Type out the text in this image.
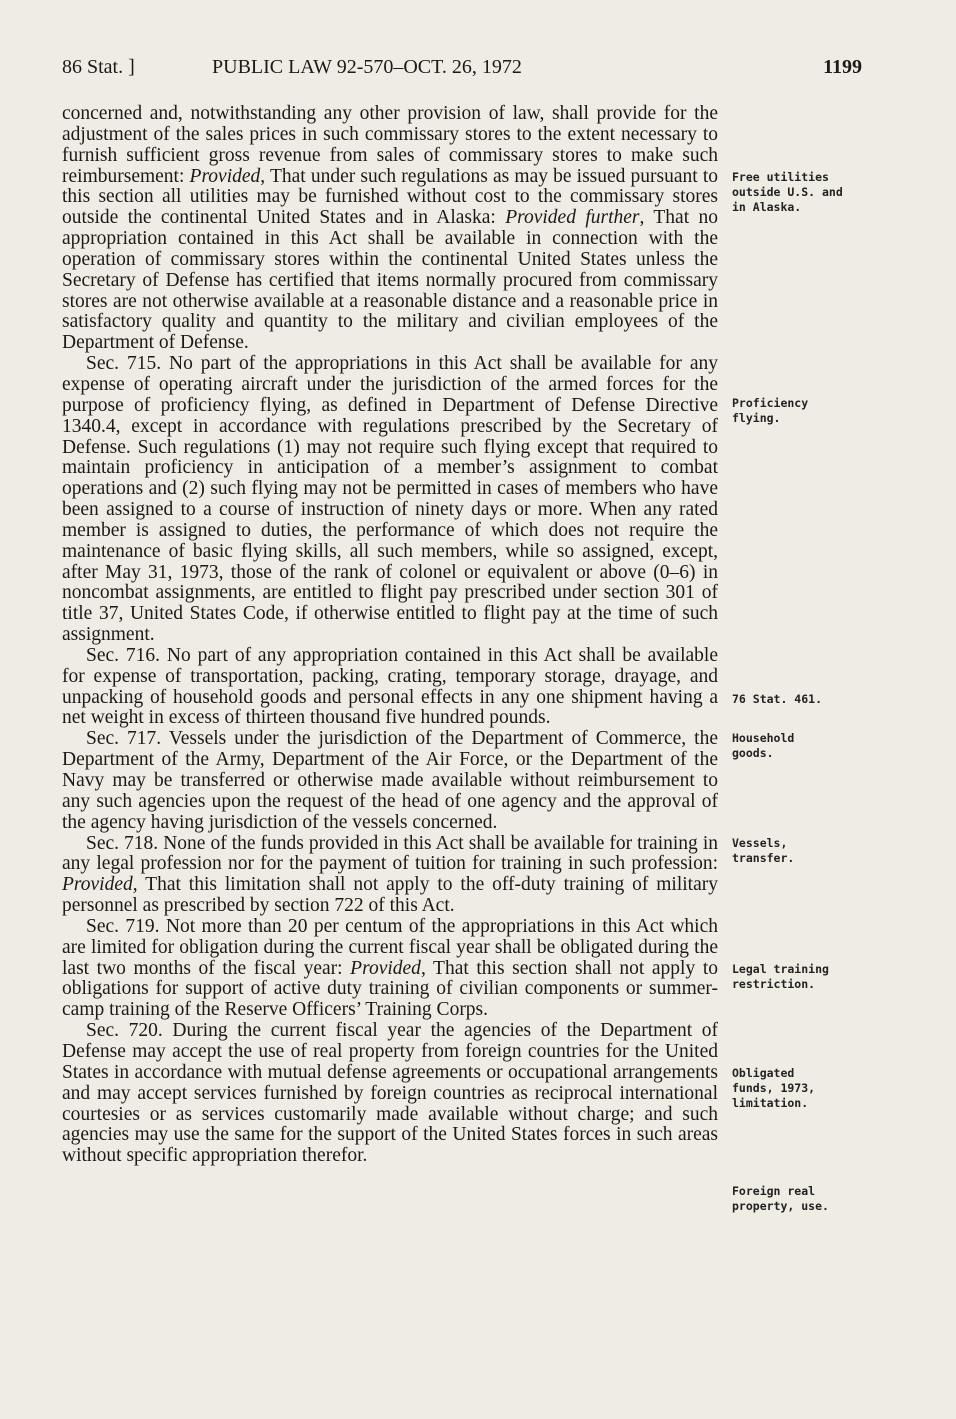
86 Stat. ]	PUBLIC LAW 92-570–OCT. 26, 1972	1199

concerned and, notwithstanding any other provision of law, shall provide for the adjustment of the sales prices in such commissary stores to the extent necessary to furnish sufficient gross revenue from sales of commissary stores to make such reimbursement: Provided, That under such regulations as may be issued pursuant to this section all utilities may be furnished without cost to the commissary stores outside the continental United States and in Alaska: Provided further, That no appropriation contained in this Act shall be available in connection with the operation of commissary stores within the continental United States unless the Secretary of Defense has certified that items normally procured from commissary stores are not otherwise available at a reasonable distance and a reasonable price in satisfactory quality and quantity to the military and civilian employees of the Department of Defense.

Sec. 715. No part of the appropriations in this Act shall be available for any expense of operating aircraft under the jurisdiction of the armed forces for the purpose of proficiency flying, as defined in Department of Defense Directive 1340.4, except in accordance with regulations prescribed by the Secretary of Defense. Such regulations (1) may not require such flying except that required to maintain proficiency in anticipation of a member’s assignment to combat operations and (2) such flying may not be permitted in cases of members who have been assigned to a course of instruction of ninety days or more. When any rated member is assigned to duties, the performance of which does not require the maintenance of basic flying skills, all such members, while so assigned, except, after May 31, 1973, those of the rank of colonel or equivalent or above (0–6) in noncombat assignments, are entitled to flight pay prescribed under section 301 of title 37, United States Code, if otherwise entitled to flight pay at the time of such assignment.

Sec. 716. No part of any appropriation contained in this Act shall be available for expense of transportation, packing, crating, temporary storage, drayage, and unpacking of household goods and personal effects in any one shipment having a net weight in excess of thirteen thousand five hundred pounds.

Sec. 717. Vessels under the jurisdiction of the Department of Commerce, the Department of the Army, Department of the Air Force, or the Department of the Navy may be transferred or otherwise made available without reimbursement to any such agencies upon the request of the head of one agency and the approval of the agency having jurisdiction of the vessels concerned.

Sec. 718. None of the funds provided in this Act shall be available for training in any legal profession nor for the payment of tuition for training in such profession: Provided, That this limitation shall not apply to the off-duty training of military personnel as prescribed by section 722 of this Act.

Sec. 719. Not more than 20 per centum of the appropriations in this Act which are limited for obligation during the current fiscal year shall be obligated during the last two months of the fiscal year: Provided, That this section shall not apply to obligations for support of active duty training of civilian components or summer-camp training of the Reserve Officers’ Training Corps.

Sec. 720. During the current fiscal year the agencies of the Department of Defense may accept the use of real property from foreign countries for the United States in accordance with mutual defense agreements or occupational arrangements and may accept services furnished by foreign countries as reciprocal international courtesies or as services customarily made available without charge; and such agencies may use the same for the support of the United States forces in such areas without specific appropriation therefor.

Free utilities
outside U.S. and
in Alaska.
Proficiency
flying.
76 Stat. 461.
Household
goods.
Vessels,
transfer.
Legal training
restriction.
Obligated
funds, 1973,
limitation.
Foreign real
property, use.
